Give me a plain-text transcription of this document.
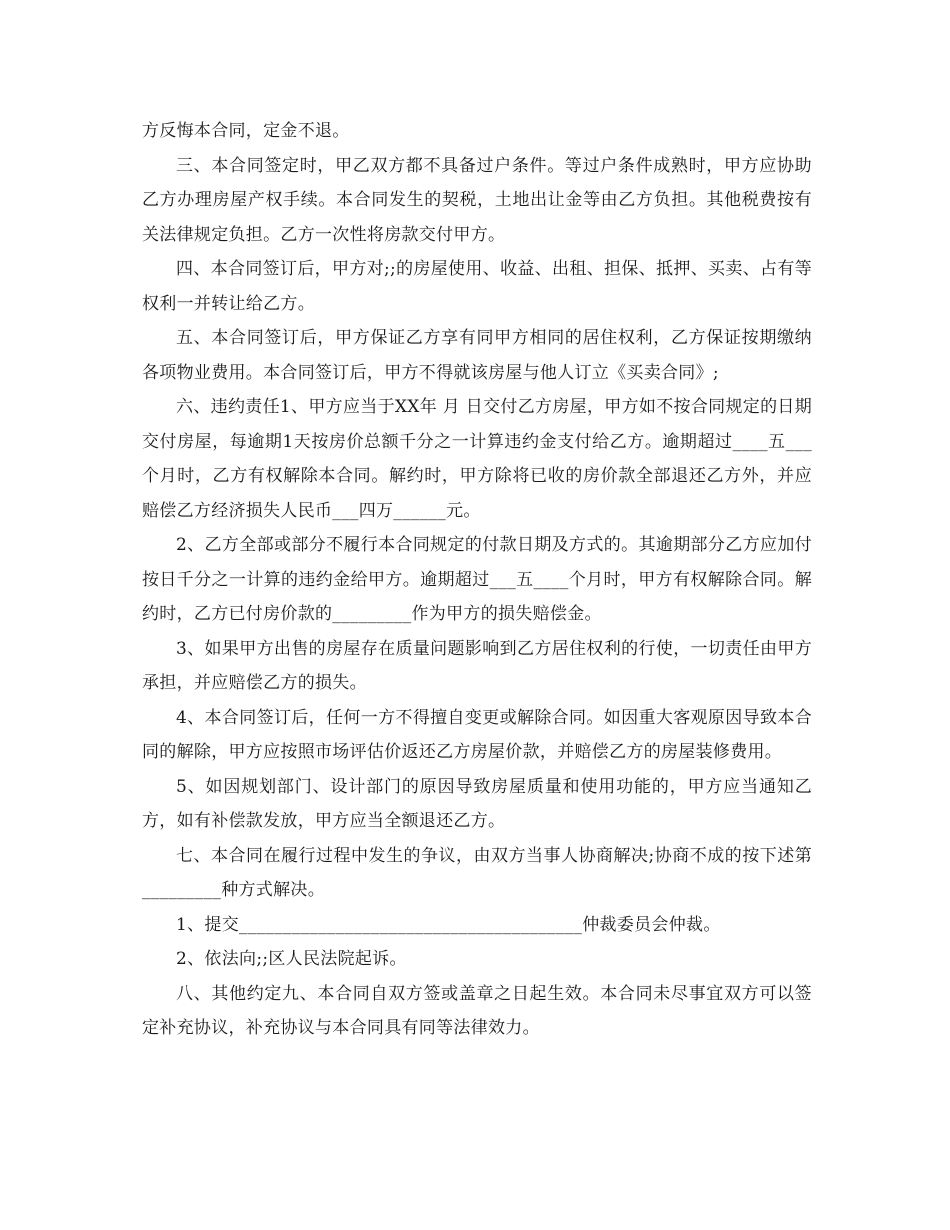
方反悔本合同，定金不退。

三、本合同签定时，甲乙双方都不具备过户条件。等过户条件成熟时，甲方应协助乙方办理房屋产权手续。本合同发生的契税，土地出让金等由乙方负担。其他税费按有关法律规定负担。乙方一次性将房款交付甲方。

四、本合同签订后，甲方对;;的房屋使用、收益、出租、担保、抵押、买卖、占有等权利一并转让给乙方。

五、本合同签订后，甲方保证乙方享有同甲方相同的居住权利，乙方保证按期缴纳各项物业费用。本合同签订后，甲方不得就该房屋与他人订立《买卖合同》;

六、违约责任1、甲方应当于XX年 月 日交付乙方房屋，甲方如不按合同规定的日期交付房屋，每逾期1天按房价总额千分之一计算违约金支付给乙方。逾期超过____五___个月时，乙方有权解除本合同。解约时，甲方除将已收的房价款全部退还乙方外，并应赔偿乙方经济损失人民币___四万______元。

2、乙方全部或部分不履行本合同规定的付款日期及方式的。其逾期部分乙方应加付按日千分之一计算的违约金给甲方。逾期超过___五____个月时，甲方有权解除合同。解约时，乙方已付房价款的_________作为甲方的损失赔偿金。

3、如果甲方出售的房屋存在质量问题影响到乙方居住权利的行使，一切责任由甲方承担，并应赔偿乙方的损失。

4、本合同签订后，任何一方不得擅自变更或解除合同。如因重大客观原因导致本合同的解除，甲方应按照市场评估价返还乙方房屋价款，并赔偿乙方的房屋装修费用。

5、如因规划部门、设计部门的原因导致房屋质量和使用功能的，甲方应当通知乙方，如有补偿款发放，甲方应当全额退还乙方。

七、本合同在履行过程中发生的争议，由双方当事人协商解决;协商不成的按下述第_________种方式解决。

1、提交_______________________________________仲裁委员会仲裁。

2、依法向;;区人民法院起诉。

八、其他约定九、本合同自双方签或盖章之日起生效。本合同未尽事宜双方可以签定补充协议，补充协议与本合同具有同等法律效力。
